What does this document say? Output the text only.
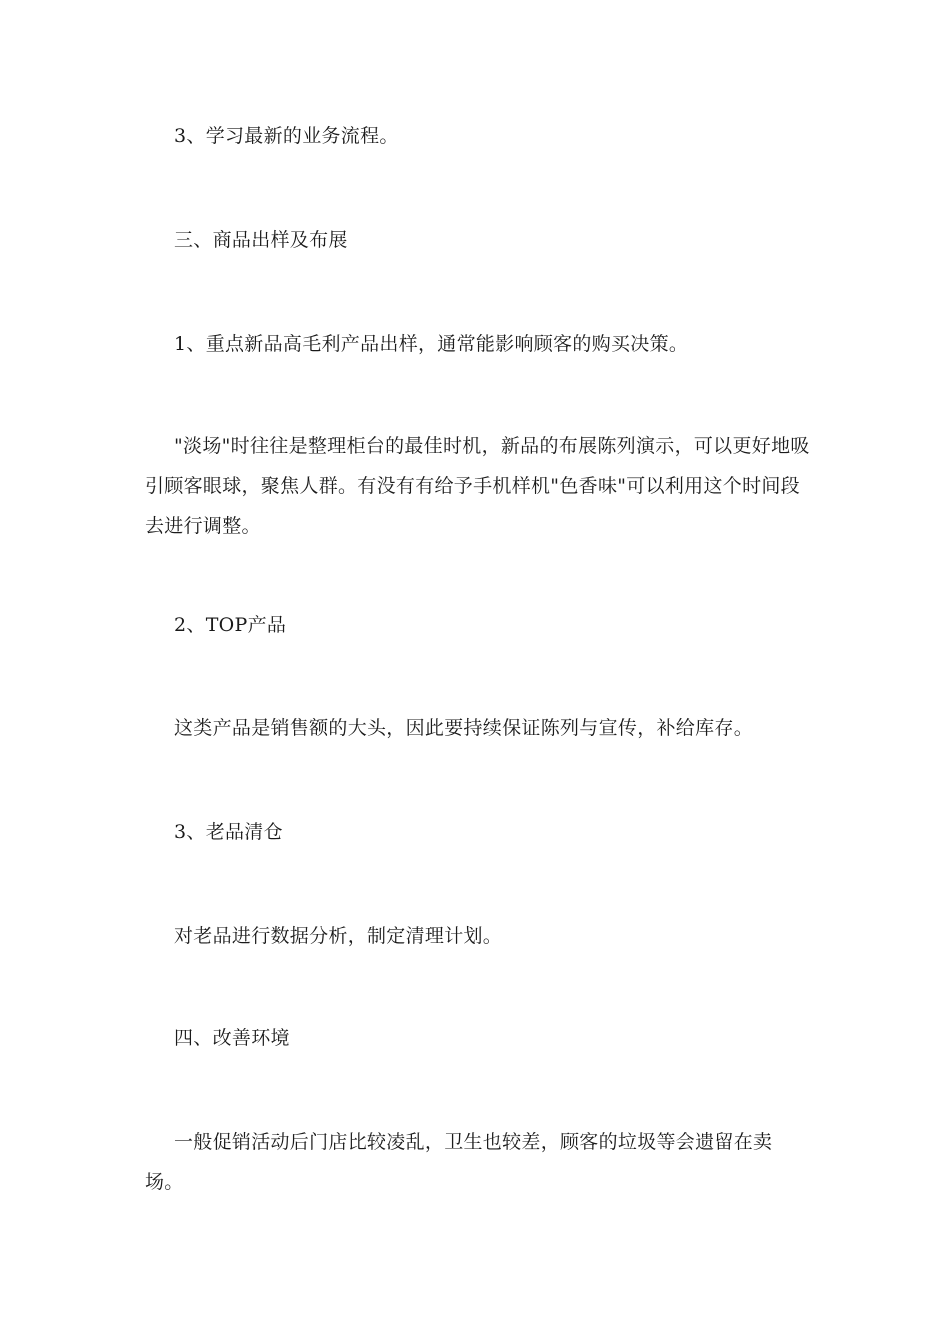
3、学习最新的业务流程。

三、商品出样及布展

1、重点新品高毛利产品出样，通常能影响顾客的购买决策。

"淡场"时往往是整理柜台的最佳时机，新品的布展陈列演示，可以更好地吸引顾客眼球，聚焦人群。有没有有给予手机样机"色香味"可以利用这个时间段去进行调整。

2、TOP产品

这类产品是销售额的大头，因此要持续保证陈列与宣传，补给库存。

3、老品清仓

对老品进行数据分析，制定清理计划。

四、改善环境

一般促销活动后门店比较凌乱，卫生也较差，顾客的垃圾等会遗留在卖场。
